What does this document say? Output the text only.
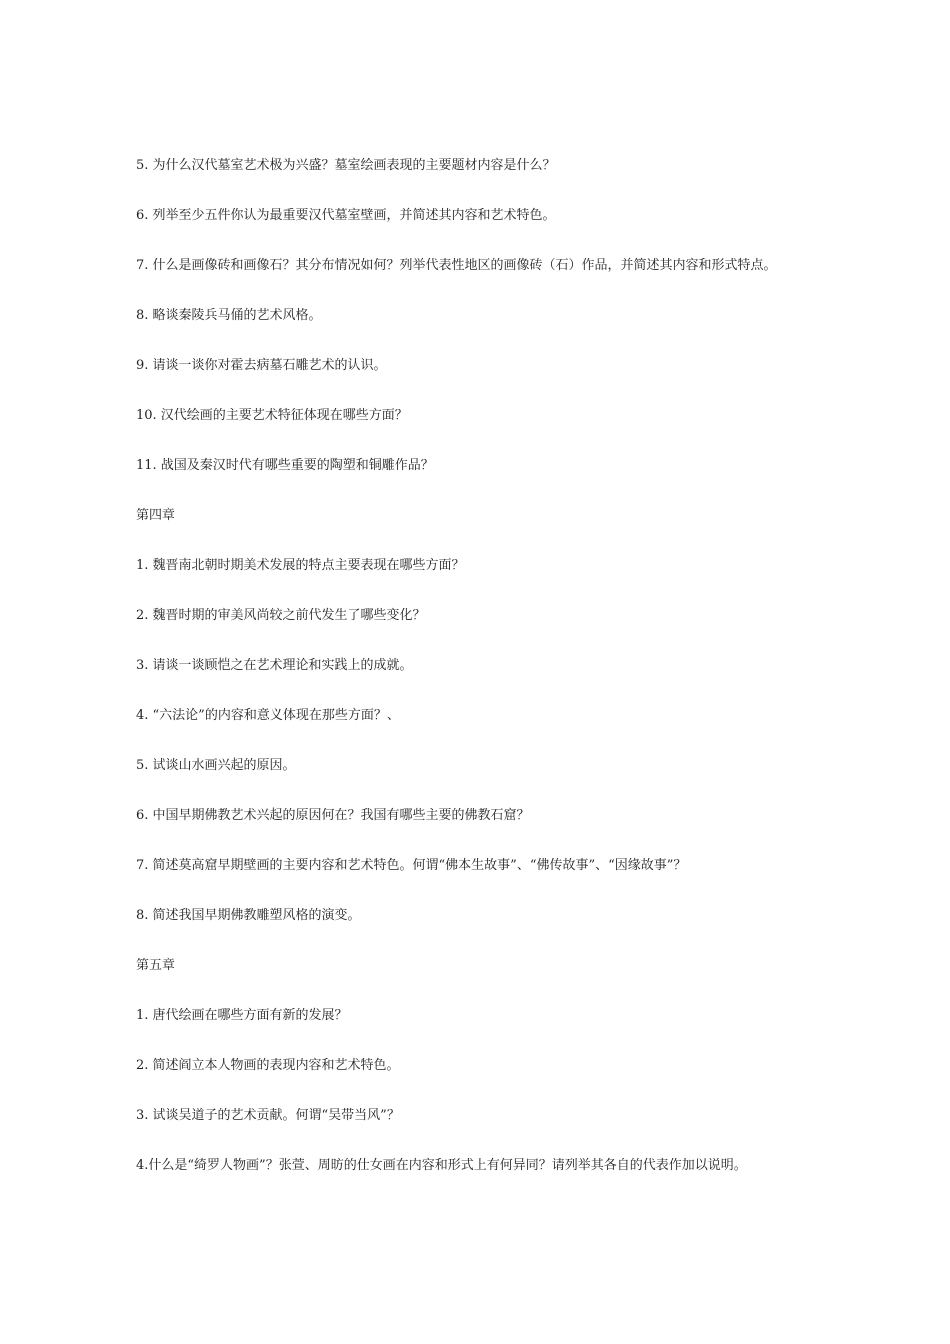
5. 为什么汉代墓室艺术极为兴盛？墓室绘画表现的主要题材内容是什么？

6. 列举至少五件你认为最重要汉代墓室壁画，并简述其内容和艺术特色。

7. 什么是画像砖和画像石？其分布情况如何？列举代表性地区的画像砖（石）作品，并简述其内容和形式特点。

8. 略谈秦陵兵马俑的艺术风格。

9. 请谈一谈你对霍去病墓石雕艺术的认识。

10. 汉代绘画的主要艺术特征体现在哪些方面？

11. 战国及秦汉时代有哪些重要的陶塑和铜雕作品？

第四章

1. 魏晋南北朝时期美术发展的特点主要表现在哪些方面？

2. 魏晋时期的审美风尚较之前代发生了哪些变化？

3. 请谈一谈顾恺之在艺术理论和实践上的成就。

4. “六法论”的内容和意义体现在那些方面？、

5. 试谈山水画兴起的原因。

6. 中国早期佛教艺术兴起的原因何在？我国有哪些主要的佛教石窟？

7. 简述莫高窟早期壁画的主要内容和艺术特色。何谓“佛本生故事”、“佛传故事”、“因缘故事”？

8. 简述我国早期佛教雕塑风格的演变。

第五章

1. 唐代绘画在哪些方面有新的发展？

2. 简述阎立本人物画的表现内容和艺术特色。

3. 试谈吴道子的艺术贡献。何谓“吴带当风”？

4.什么是“绮罗人物画”？张萱、周昉的仕女画在内容和形式上有何异同？请列举其各自的代表作加以说明。
